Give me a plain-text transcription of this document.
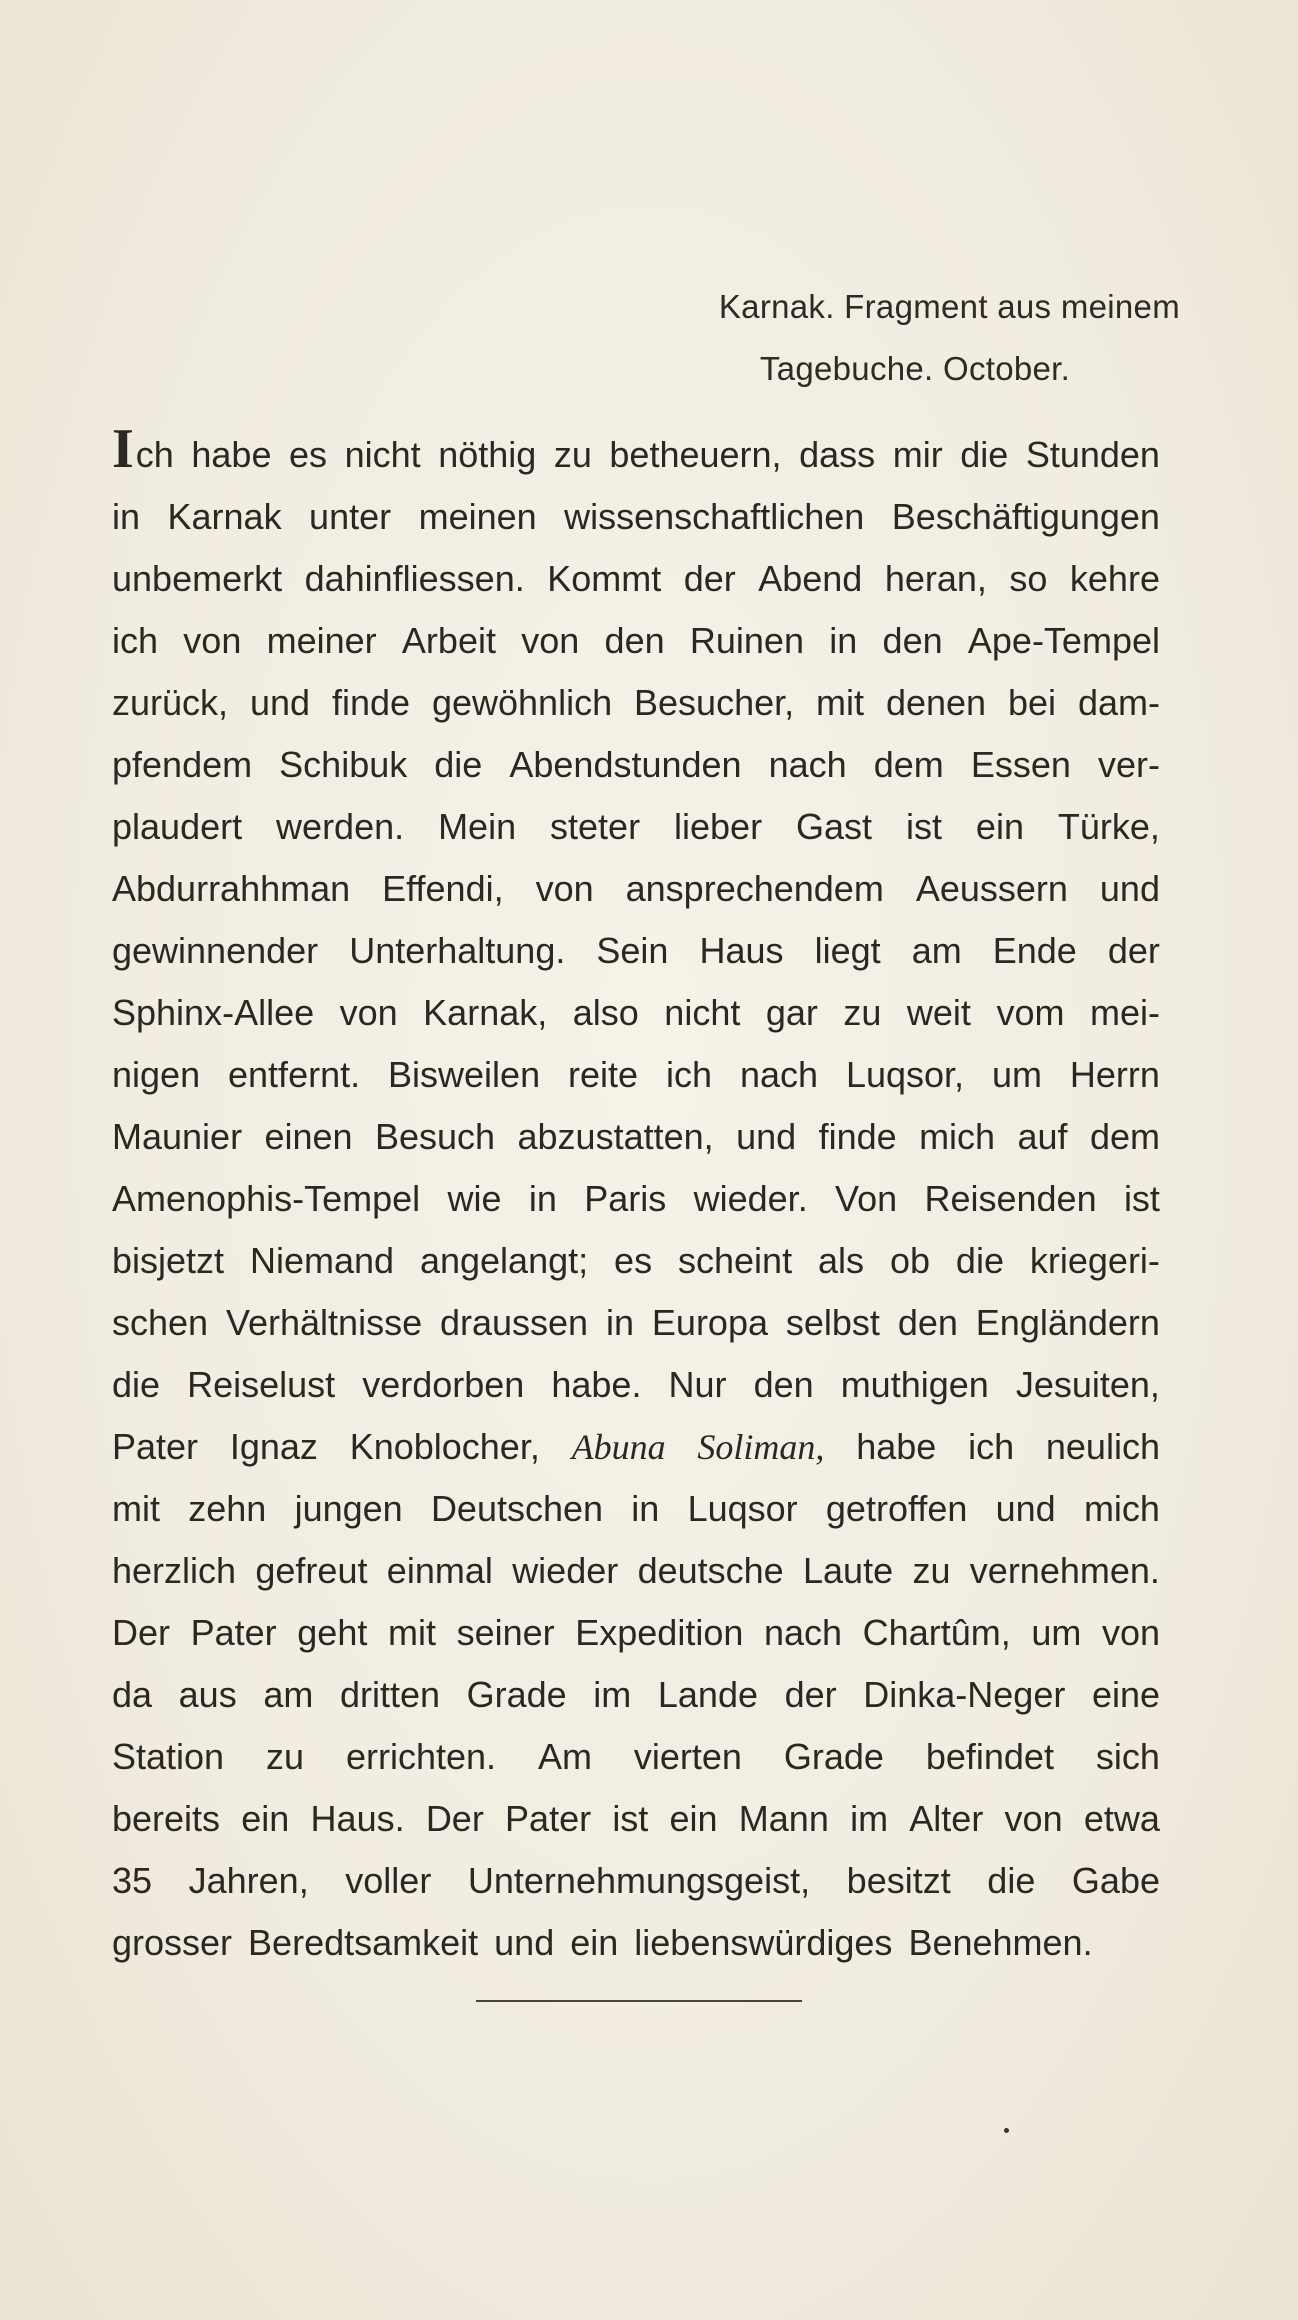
Karnak. Fragment aus meinem
Tagebuche. October.
Ich habe es nicht nöthig zu betheuern, dass mir die Stunden
in Karnak unter meinen wissenschaftlichen Beschäftigungen
unbemerkt dahinfliessen. Kommt der Abend heran, so kehre
ich von meiner Arbeit von den Ruinen in den Ape-Tempel
zurück, und finde gewöhnlich Besucher, mit denen bei dam-
pfendem Schibuk die Abendstunden nach dem Essen ver-
plaudert werden. Mein steter lieber Gast ist ein Türke,
Abdurrahhman Effendi, von ansprechendem Aeussern und
gewinnender Unterhaltung. Sein Haus liegt am Ende der
Sphinx-Allee von Karnak, also nicht gar zu weit vom mei-
nigen entfernt. Bisweilen reite ich nach Luqsor, um Herrn
Maunier einen Besuch abzustatten, und finde mich auf dem
Amenophis-Tempel wie in Paris wieder. Von Reisenden ist
bisjetzt Niemand angelangt; es scheint als ob die kriegeri-
schen Verhältnisse draussen in Europa selbst den Engländern
die Reiselust verdorben habe. Nur den muthigen Jesuiten,
Pater Ignaz Knoblocher, Abuna Soliman, habe ich neulich
mit zehn jungen Deutschen in Luqsor getroffen und mich
herzlich gefreut einmal wieder deutsche Laute zu vernehmen.
Der Pater geht mit seiner Expedition nach Chartûm, um von
da aus am dritten Grade im Lande der Dinka-Neger eine
Station zu errichten. Am vierten Grade befindet sich
bereits ein Haus. Der Pater ist ein Mann im Alter von etwa
35 Jahren, voller Unternehmungsgeist, besitzt die Gabe
grosser Beredtsamkeit und ein liebenswürdiges Benehmen.
